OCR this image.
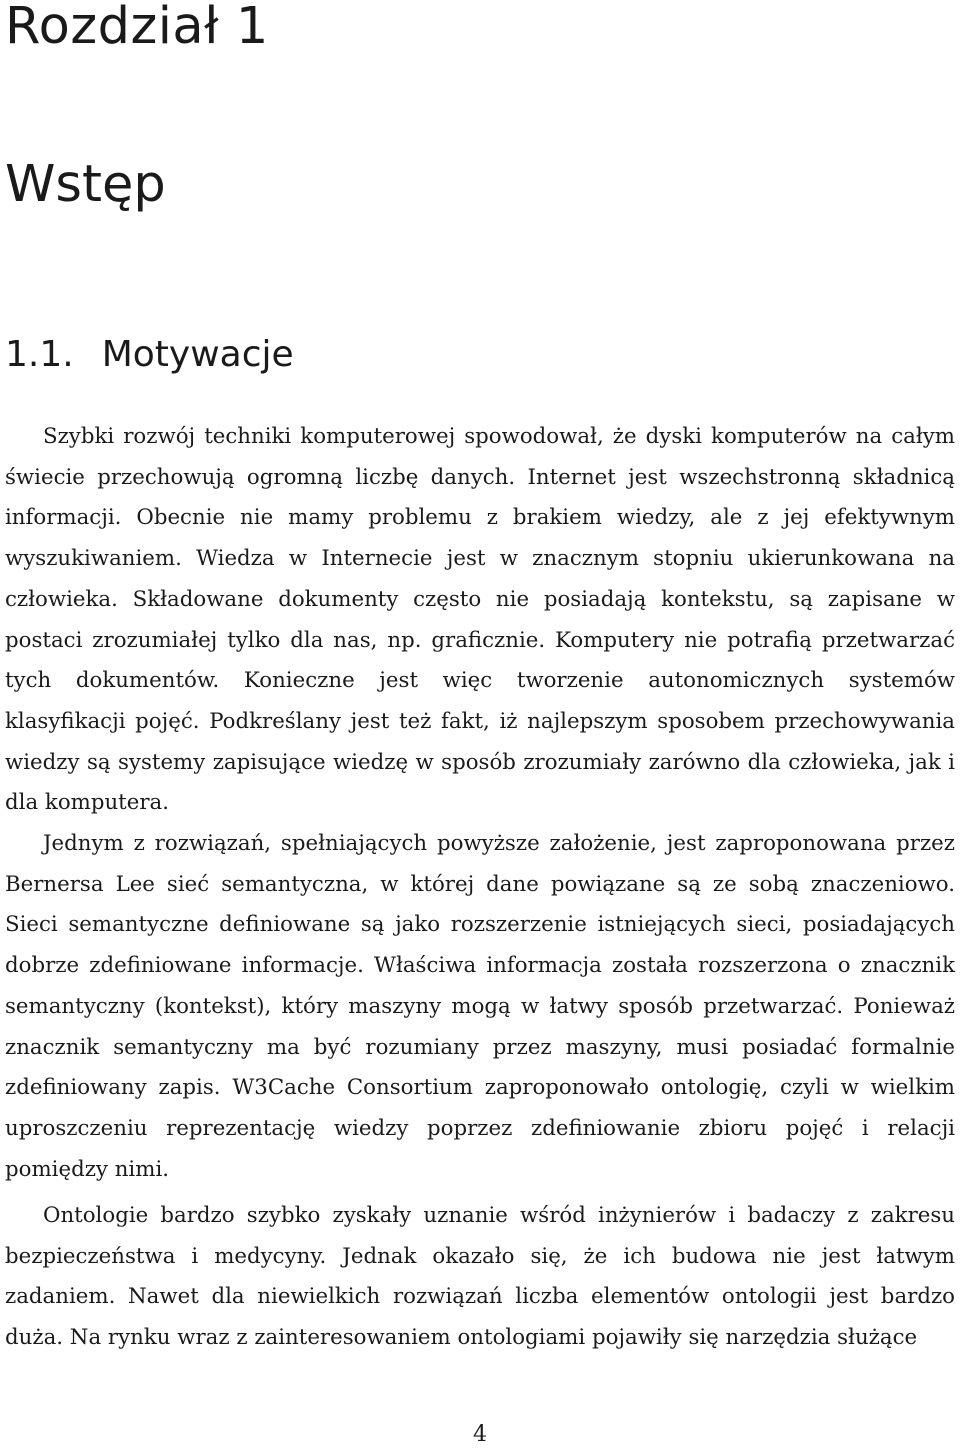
Rozdział 1
Wstęp
1.1. Motywacje

Szybki rozwój techniki komputerowej spowodował, że dyski komputerów na całym świecie przechowują ogromną liczbę danych. Internet jest wszechstronną składnicą informacji. Obecnie nie mamy problemu z brakiem wiedzy, ale z jej efektywnym wyszukiwaniem. Wiedza w Internecie jest w znacznym stopniu ukierunkowana na człowieka. Składowane dokumenty często nie posiadają kontekstu, są zapisane w postaci zrozumiałej tylko dla nas, np. graficznie. Komputery nie potrafią przetwarzać tych dokumentów. Konieczne jest więc tworzenie autonomicznych systemów klasyfikacji pojęć. Podkreślany jest też fakt, iż najlepszym sposobem przechowywania wiedzy są systemy zapisujące wiedzę w sposób zrozumiały zarówno dla człowieka, jak i dla komputera.

Jednym z rozwiązań, spełniających powyższe założenie, jest zaproponowana przez Bernersa Lee sieć semantyczna, w której dane powiązane są ze sobą znaczeniowo. Sieci semantyczne definiowane są jako rozszerzenie istniejących sieci, posiadających dobrze zdefiniowane informacje. Właściwa informacja została rozszerzona o znacznik semantyczny (kontekst), który maszyny mogą w łatwy sposób przetwarzać. Ponieważ znacznik semantyczny ma być rozumiany przez maszyny, musi posiadać formalnie zdefiniowany zapis. W3Cache Consortium zaproponowało ontologię, czyli w wielkim uproszczeniu reprezentację wiedzy poprzez zdefiniowanie zbioru pojęć i relacji pomiędzy nimi.

Ontologie bardzo szybko zyskały uznanie wśród inżynierów i badaczy z zakresu bezpieczeństwa i medycyny. Jednak okazało się, że ich budowa nie jest łatwym zadaniem. Nawet dla niewielkich rozwiązań liczba elementów ontologii jest bardzo duża. Na rynku wraz z zainteresowaniem ontologiami pojawiły się narzędzia służące

4
